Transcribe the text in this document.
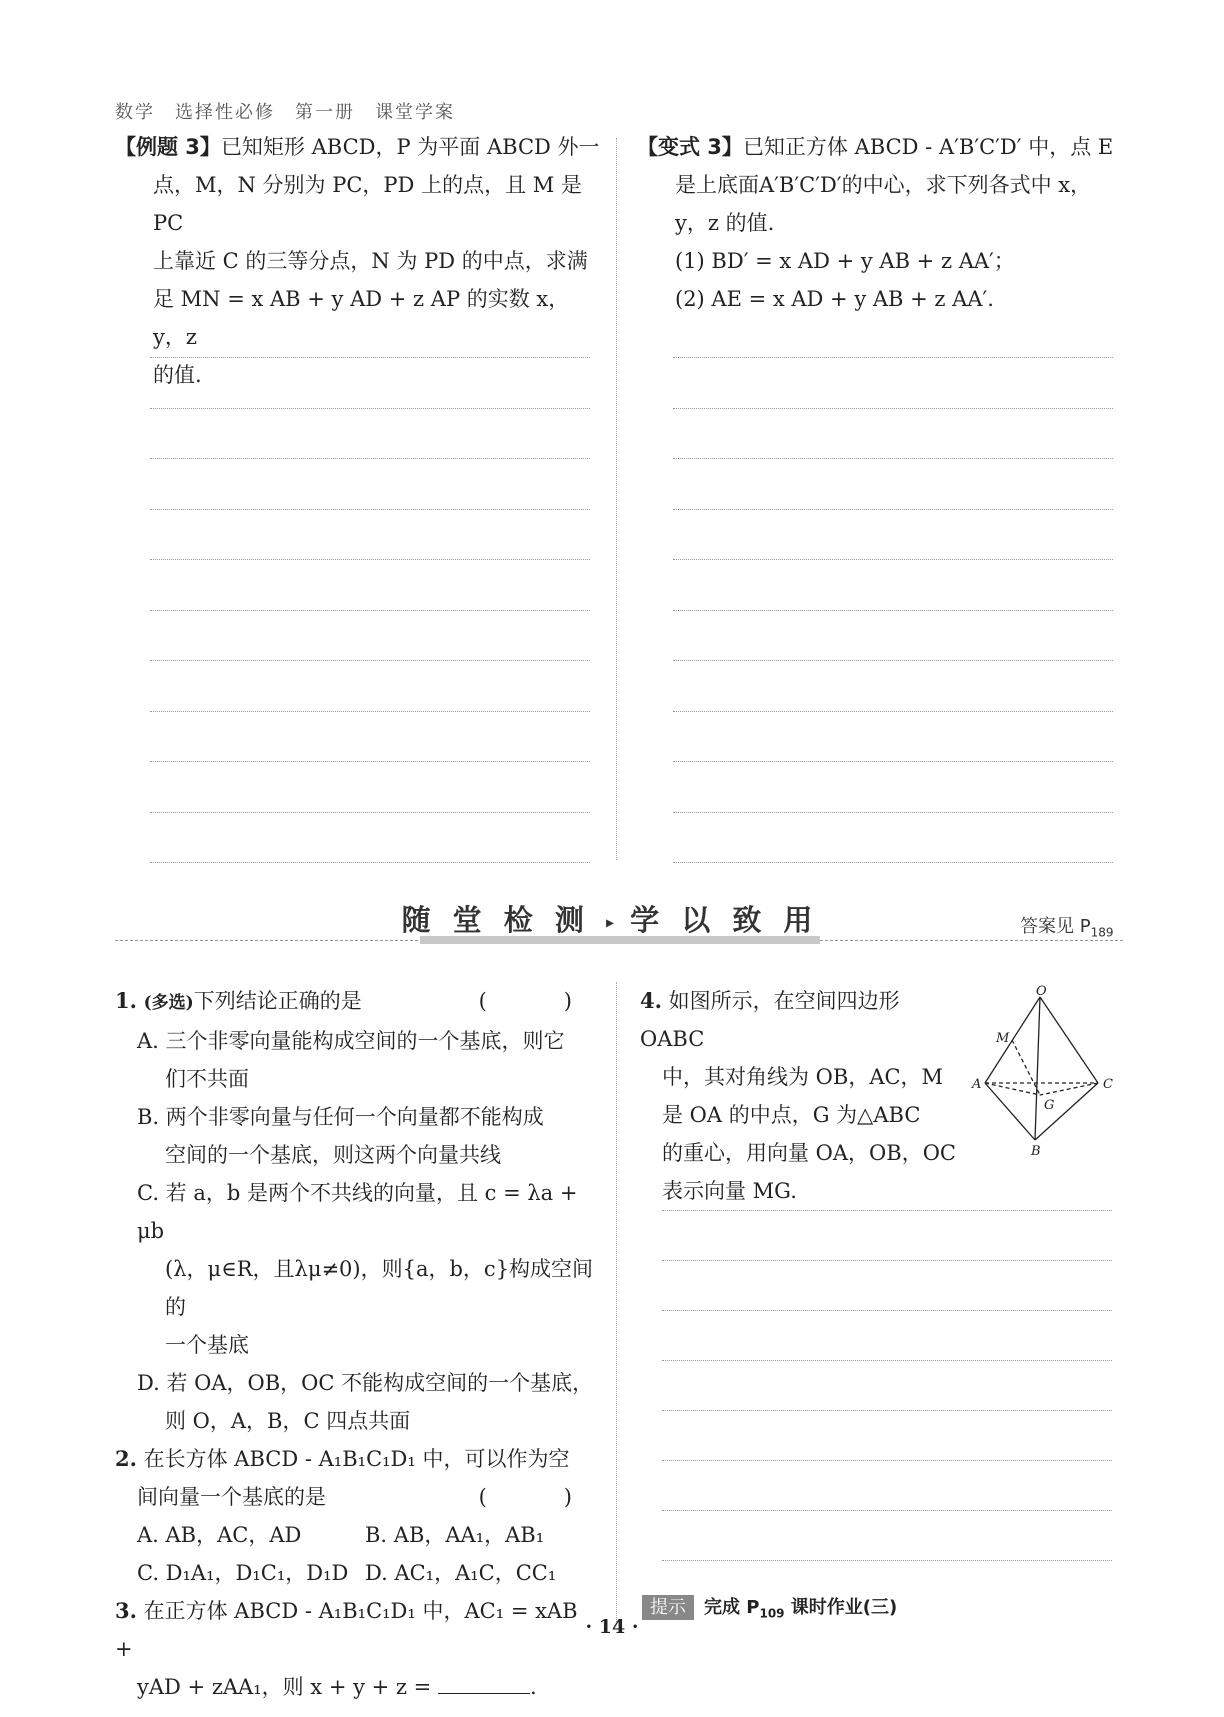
数学　选择性必修　第一册　课堂学案

【例题 3】已知矩形 ABCD，P 为平面 ABCD 外一

点，M，N 分别为 PC，PD 上的点，且 M 是 PC

上靠近 C 的三等分点，N 为 PD 的中点，求满

足 MN = x AB + y AD + z AP 的实数 x，y，z

的值.

【变式 3】已知正方体 ABCD - A′B′C′D′ 中，点 E

是上底面A′B′C′D′的中心，求下列各式中 x，

y，z 的值.

(1) BD′ = x AD + y AB + z AA′；

(2) AE = x AD + y AB + z AA′.

随 堂 检 测 ▸ 学 以 致 用	答案见 $P_{189}$

(　)
1. (多选)下列结论正确的是

A. 三个非零向量能构成空间的一个基底，则它

们不共面

B. 两个非零向量与任何一个向量都不能构成

空间的一个基底，则这两个向量共线

C. 若 a，b 是两个不共线的向量，且 c = λa + μb

(λ，μ∈R，且λμ≠0)，则{a，b，c}构成空间的

一个基底

D. 若 OA，OB，OC 不能构成空间的一个基底，

则 O，A，B，C 四点共面

2. 在长方体 ABCD - A₁B₁C₁D₁ 中，可以作为空

(　)
间向量一个基底的是

A. AB，AC，AD	B. AB，AA₁，AB₁

C. D₁A₁，D₁C₁，D₁D D. AC₁，A₁C，CC₁

3. 在正方体 ABCD - A₁B₁C₁D₁ 中，AC₁ = xAB +

yAD + zAA₁，则 x + y + z =	.

4. 如图所示，在空间四边形 OABC

中，其对角线为 OB，AC，M

是 OA 的中点，G 为△ABC

的重心，用向量 OA，OB，OC

表示向量 MG.

O
M
A	C
G
B
提示 完成 $P_{109}$ 课时作业(三)
· 14 ·
